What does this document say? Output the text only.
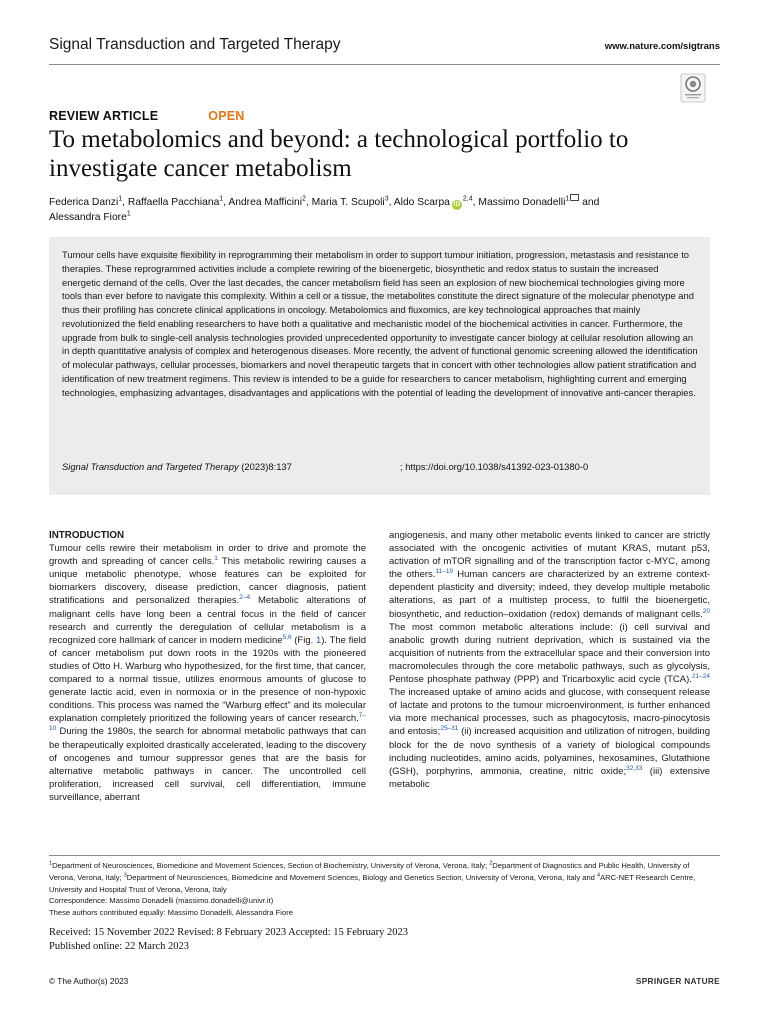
Signal Transduction and Targeted Therapy	www.nature.com/sigtrans
REVIEW ARTICLE	OPEN
To metabolomics and beyond: a technological portfolio to investigate cancer metabolism
Federica Danzi$^1$, Raffaella Pacchiana$^1$, Andrea Mafficini$^2$, Maria T. Scupoli$^3$, Aldo Scarpa iD$^{2,4}$, Massimo Donadelli$^1$ and
Alessandra Fiore$^1$
Tumour cells have exquisite flexibility in reprogramming their metabolism in order to support tumour initiation, progression, metastasis and resistance to therapies. These reprogrammed activities include a complete rewiring of the bioenergetic, biosynthetic and redox status to sustain the increased energetic demand of the cells. Over the last decades, the cancer metabolism field has seen an explosion of new biochemical technologies giving more tools than ever before to navigate this complexity. Within a cell or a tissue, the metabolites constitute the direct signature of the molecular phenotype and thus their profiling has concrete clinical applications in oncology. Metabolomics and fluxomics, are key technological approaches that mainly revolutionized the field enabling researchers to have both a qualitative and mechanistic model of the biochemical activities in cancer. Furthermore, the upgrade from bulk to single-cell analysis technologies provided unprecedented opportunity to investigate cancer biology at cellular resolution allowing an in depth quantitative analysis of complex and heterogenous diseases. More recently, the advent of functional genomic screening allowed the identification of molecular pathways, cellular processes, biomarkers and novel therapeutic targets that in concert with other technologies allow patient stratification and identification of new treatment regimens. This review is intended to be a guide for researchers to cancer metabolism, highlighting current and emerging technologies, emphasizing advantages, disadvantages and applications with the potential of leading the development of innovative anti-cancer therapies.
Signal Transduction and Targeted Therapy (2023)8:137	; https://doi.org/10.1038/s41392-023-01380-0
INTRODUCTION
Tumour cells rewire their metabolism in order to drive and promote the growth and spreading of cancer cells.$^1$ This metabolic rewiring causes a unique metabolic phenotype, whose features can be exploited for biomarkers discovery, disease prediction, cancer diagnosis, patient stratifications and personalized therapies.$^{2-4}$ Metabolic alterations of malignant cells have long been a central focus in the field of cancer research and currently the deregulation of cellular metabolism is a recognized core hallmark of cancer in modern medicine$^{5,6}$ (Fig. 1). The field of cancer metabolism put down roots in the 1920s with the pioneered studies of Otto H. Warburg who hypothesized, for the first time, that cancer, compared to a normal tissue, utilizes enormous amounts of glucose to generate lactic acid, even in normoxia or in the presence of non-hypoxic conditions. This process was named the “Warburg effect” and its molecular explanation completely prioritized the following years of cancer research.$^{7-10}$ During the 1980s, the search for abnormal metabolic pathways that can be therapeutically exploited drastically accelerated, leading to the discovery of oncogenes and tumour suppressor genes that are the basis for alternative metabolic pathways in cancer. The uncontrolled cell proliferation, increased cell survival, cell differentiation, immune surveillance, aberrant
angiogenesis, and many other metabolic events linked to cancer are strictly associated with the oncogenic activities of mutant KRAS, mutant p53, activation of mTOR signalling and of the transcription factor c-MYC, among the others.$^{11-19}$ Human cancers are characterized by an extreme context-dependent plasticity and diversity; indeed, they develop multiple metabolic alterations, as part of a multistep process, to fulfil the bioenergetic, biosynthetic, and reduction–oxidation (redox) demands of malignant cells.$^{20}$ The most common metabolic alterations include: (i) cell survival and anabolic growth during nutrient deprivation, which is sustained via the acquisition of nutrients from the extracellular space and their conversion into macromolecules through the core metabolic pathways, such as glycolysis, Pentose phosphate pathway (PPP) and Tricarboxylic acid cycle (TCA).$^{21-24}$ The increased uptake of amino acids and glucose, with consequent release of lactate and protons to the tumour microenvironment, is further enhanced via more mechanical processes, such as phagocytosis, macro-pinocytosis and entosis;$^{25-31}$ (ii) increased acquisition and utilization of nitrogen, building block for the de novo synthesis of a variety of biological compounds including nucleotides, amino acids, polyamines, hexosamines, Glutathione (GSH), porphyrins, ammonia, creatine, nitric oxide;$^{32,33}$ (iii) extensive metabolic
$^1$Department of Neurosciences, Biomedicine and Movement Sciences, Section of Biochemistry, University of Verona, Verona, Italy; $^2$Department of Diagnostics and Public Health, University of Verona, Verona, Italy; $^3$Department of Neurosciences, Biomedicine and Movement Sciences, Biology and Genetics Section, University of Verona, Verona, Italy and $^4$ARC-NET Research Centre, University and Hospital Trust of Verona, Verona, Italy
Correspondence: Massimo Donadelli (massimo.donadelli@univr.it)
These authors contributed equally: Massimo Donadelli, Alessandra Fiore
Received: 15 November 2022 Revised: 8 February 2023 Accepted: 15 February 2023
Published online: 22 March 2023
© The Author(s) 2023	SPRINGER NATURE
